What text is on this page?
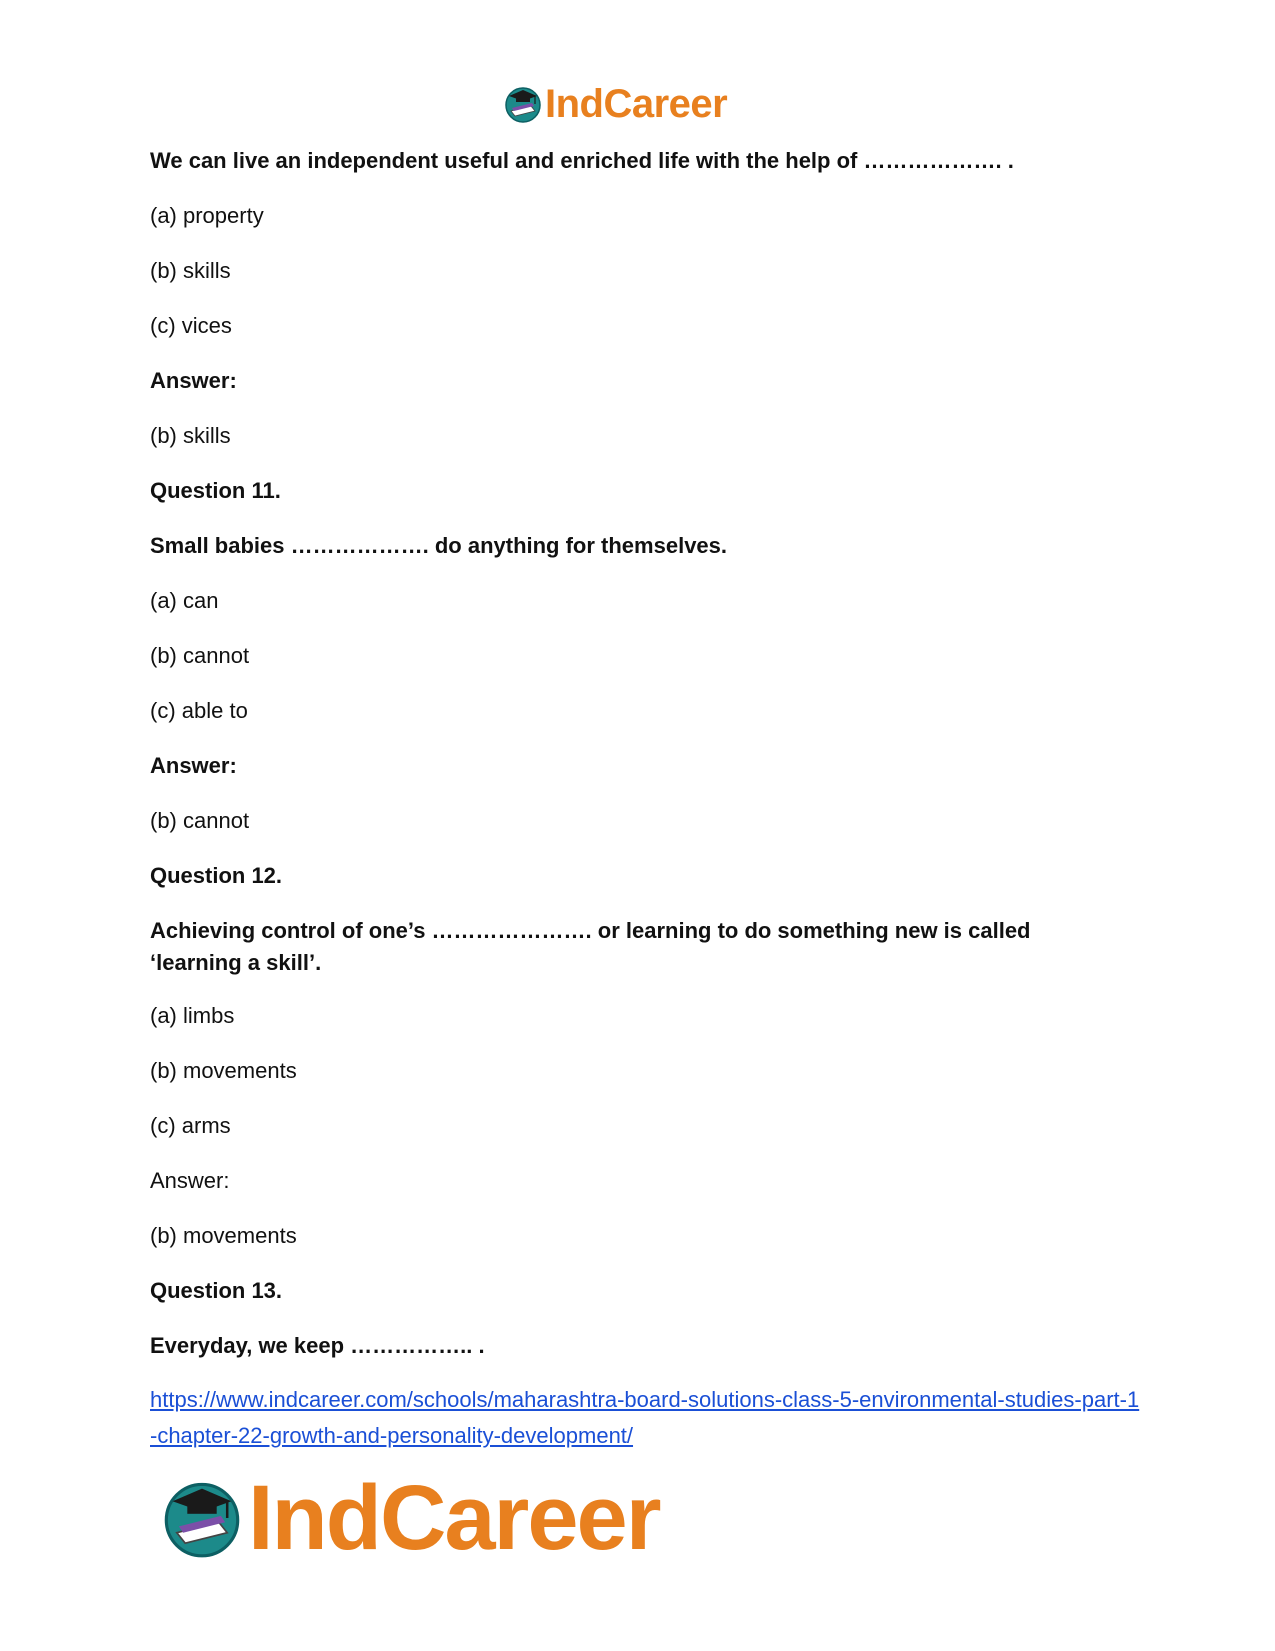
IndCareer
We can live an independent useful and enriched life with the help of ………………. .
(a) property
(b) skills
(c) vices
Answer:
(b) skills
Question 11.
Small babies ………………. do anything for themselves.
(a) can
(b) cannot
(c) able to
Answer:
(b) cannot
Question 12.
Achieving control of one’s …………………. or learning to do something new is called
‘learning a skill’.
(a) limbs
(b) movements
(c) arms
Answer:
(b) movements
Question 13.
Everyday, we keep …………….. .
https://www.indcareer.com/schools/maharashtra-board-solutions-class-5-environmental-studies-part-1-chapter-22-growth-and-personality-development/
IndCareer
